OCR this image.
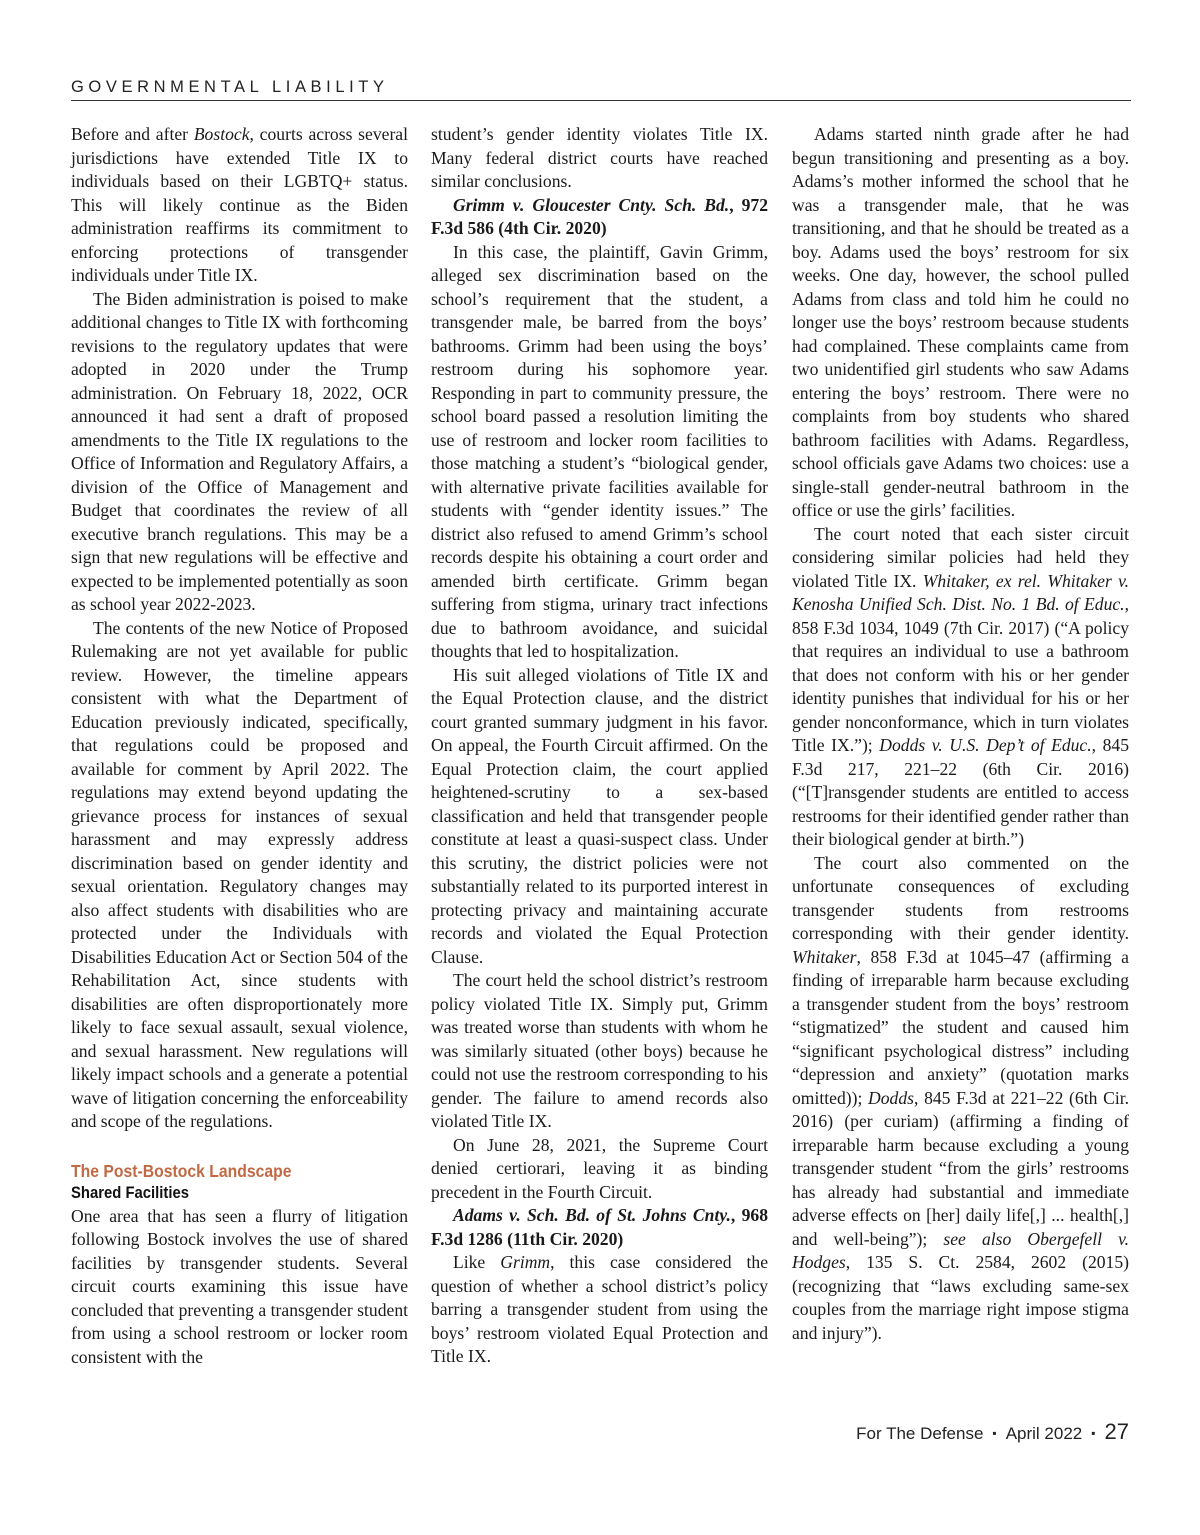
GOVERNMENTAL LIABILITY

Before and after Bostock, courts across several jurisdictions have extended Title IX to individuals based on their LGBTQ+ status. This will likely continue as the Biden administration reaffirms its commitment to enforcing protections of transgender individuals under Title IX.

The Biden administration is poised to make additional changes to Title IX with forthcoming revisions to the regulatory updates that were adopted in 2020 under the Trump administration. On February 18, 2022, OCR announced it had sent a draft of proposed amendments to the Title IX regulations to the Office of Information and Regulatory Affairs, a division of the Office of Management and Budget that coordinates the review of all executive branch regulations. This may be a sign that new regulations will be effective and expected to be implemented potentially as soon as school year 2022-2023.

The contents of the new Notice of Proposed Rulemaking are not yet available for public review. However, the timeline appears consistent with what the Department of Education previously indicated, specifically, that regulations could be proposed and available for comment by April 2022. The regulations may extend beyond updating the grievance process for instances of sexual harassment and may expressly address discrimination based on gender identity and sexual orientation. Regulatory changes may also affect students with disabilities who are protected under the Individuals with Disabilities Education Act or Section 504 of the Rehabilitation Act, since students with disabilities are often disproportionately more likely to face sexual assault, sexual violence, and sexual harassment. New regulations will likely impact schools and a generate a potential wave of litigation concerning the enforceability and scope of the regulations.

The Post-Bostock Landscape
Shared Facilities

One area that has seen a flurry of litigation following Bostock involves the use of shared facilities by transgender students. Several circuit courts examining this issue have concluded that preventing a transgender student from using a school restroom or locker room consistent with the

student’s gender identity violates Title IX. Many federal district courts have reached similar conclusions.

Grimm v. Gloucester Cnty. Sch. Bd., 972 F.3d 586 (4th Cir. 2020)

In this case, the plaintiff, Gavin Grimm, alleged sex discrimination based on the school’s requirement that the student, a transgender male, be barred from the boys’ bathrooms. Grimm had been using the boys’ restroom during his sophomore year. Responding in part to community pressure, the school board passed a resolution limiting the use of restroom and locker room facilities to those matching a student’s “biological gender, with alternative private facilities available for students with “gender identity issues.” The district also refused to amend Grimm’s school records despite his obtaining a court order and amended birth certificate. Grimm began suffering from stigma, urinary tract infections due to bathroom avoidance, and suicidal thoughts that led to hospitalization.

His suit alleged violations of Title IX and the Equal Protection clause, and the district court granted summary judgment in his favor. On appeal, the Fourth Circuit affirmed. On the Equal Protection claim, the court applied heightened-scrutiny to a sex-based classification and held that transgender people constitute at least a quasi-suspect class. Under this scrutiny, the district policies were not substantially related to its purported interest in protecting privacy and maintaining accurate records and violated the Equal Protection Clause.

The court held the school district’s restroom policy violated Title IX. Simply put, Grimm was treated worse than students with whom he was similarly situated (other boys) because he could not use the restroom corresponding to his gender. The failure to amend records also violated Title IX.

On June 28, 2021, the Supreme Court denied certiorari, leaving it as binding precedent in the Fourth Circuit.

Adams v. Sch. Bd. of St. Johns Cnty., 968 F.3d 1286 (11th Cir. 2020)

Like Grimm, this case considered the question of whether a school district’s policy barring a transgender student from using the boys’ restroom violated Equal Protection and Title IX.

Adams started ninth grade after he had begun transitioning and presenting as a boy. Adams’s mother informed the school that he was a transgender male, that he was transitioning, and that he should be treated as a boy. Adams used the boys’ restroom for six weeks. One day, however, the school pulled Adams from class and told him he could no longer use the boys’ restroom because students had complained. These complaints came from two unidentified girl students who saw Adams entering the boys’ restroom. There were no complaints from boy students who shared bathroom facilities with Adams. Regardless, school officials gave Adams two choices: use a single-stall gender-neutral bathroom in the office or use the girls’ facilities.

The court noted that each sister circuit considering similar policies had held they violated Title IX. Whitaker, ex rel. Whitaker v. Kenosha Unified Sch. Dist. No. 1 Bd. of Educ., 858 F.3d 1034, 1049 (7th Cir. 2017) (“A policy that requires an individual to use a bathroom that does not conform with his or her gender identity punishes that individual for his or her gender nonconformance, which in turn violates Title IX.”); Dodds v. U.S. Dep’t of Educ., 845 F.3d 217, 221–22 (6th Cir. 2016) (“[T]ransgender students are entitled to access restrooms for their identified gender rather than their biological gender at birth.”)

The court also commented on the unfortunate consequences of excluding transgender students from restrooms corresponding with their gender identity. Whitaker, 858 F.3d at 1045–47 (affirming a finding of irreparable harm because excluding a transgender student from the boys’ restroom “stigmatized” the student and caused him “significant psychological distress” including “depression and anxiety” (quotation marks omitted)); Dodds, 845 F.3d at 221–22 (6th Cir. 2016) (per curiam) (affirming a finding of irreparable harm because excluding a young transgender student “from the girls’ restrooms has already had substantial and immediate adverse effects on [her] daily life[,] ... health[,] and well-being”); see also Obergefell v. Hodges, 135 S. Ct. 2584, 2602 (2015) (recognizing that “laws excluding same-sex couples from the marriage right impose stigma and injury”).

For The Defense ▪ April 2022 ▪ 27
